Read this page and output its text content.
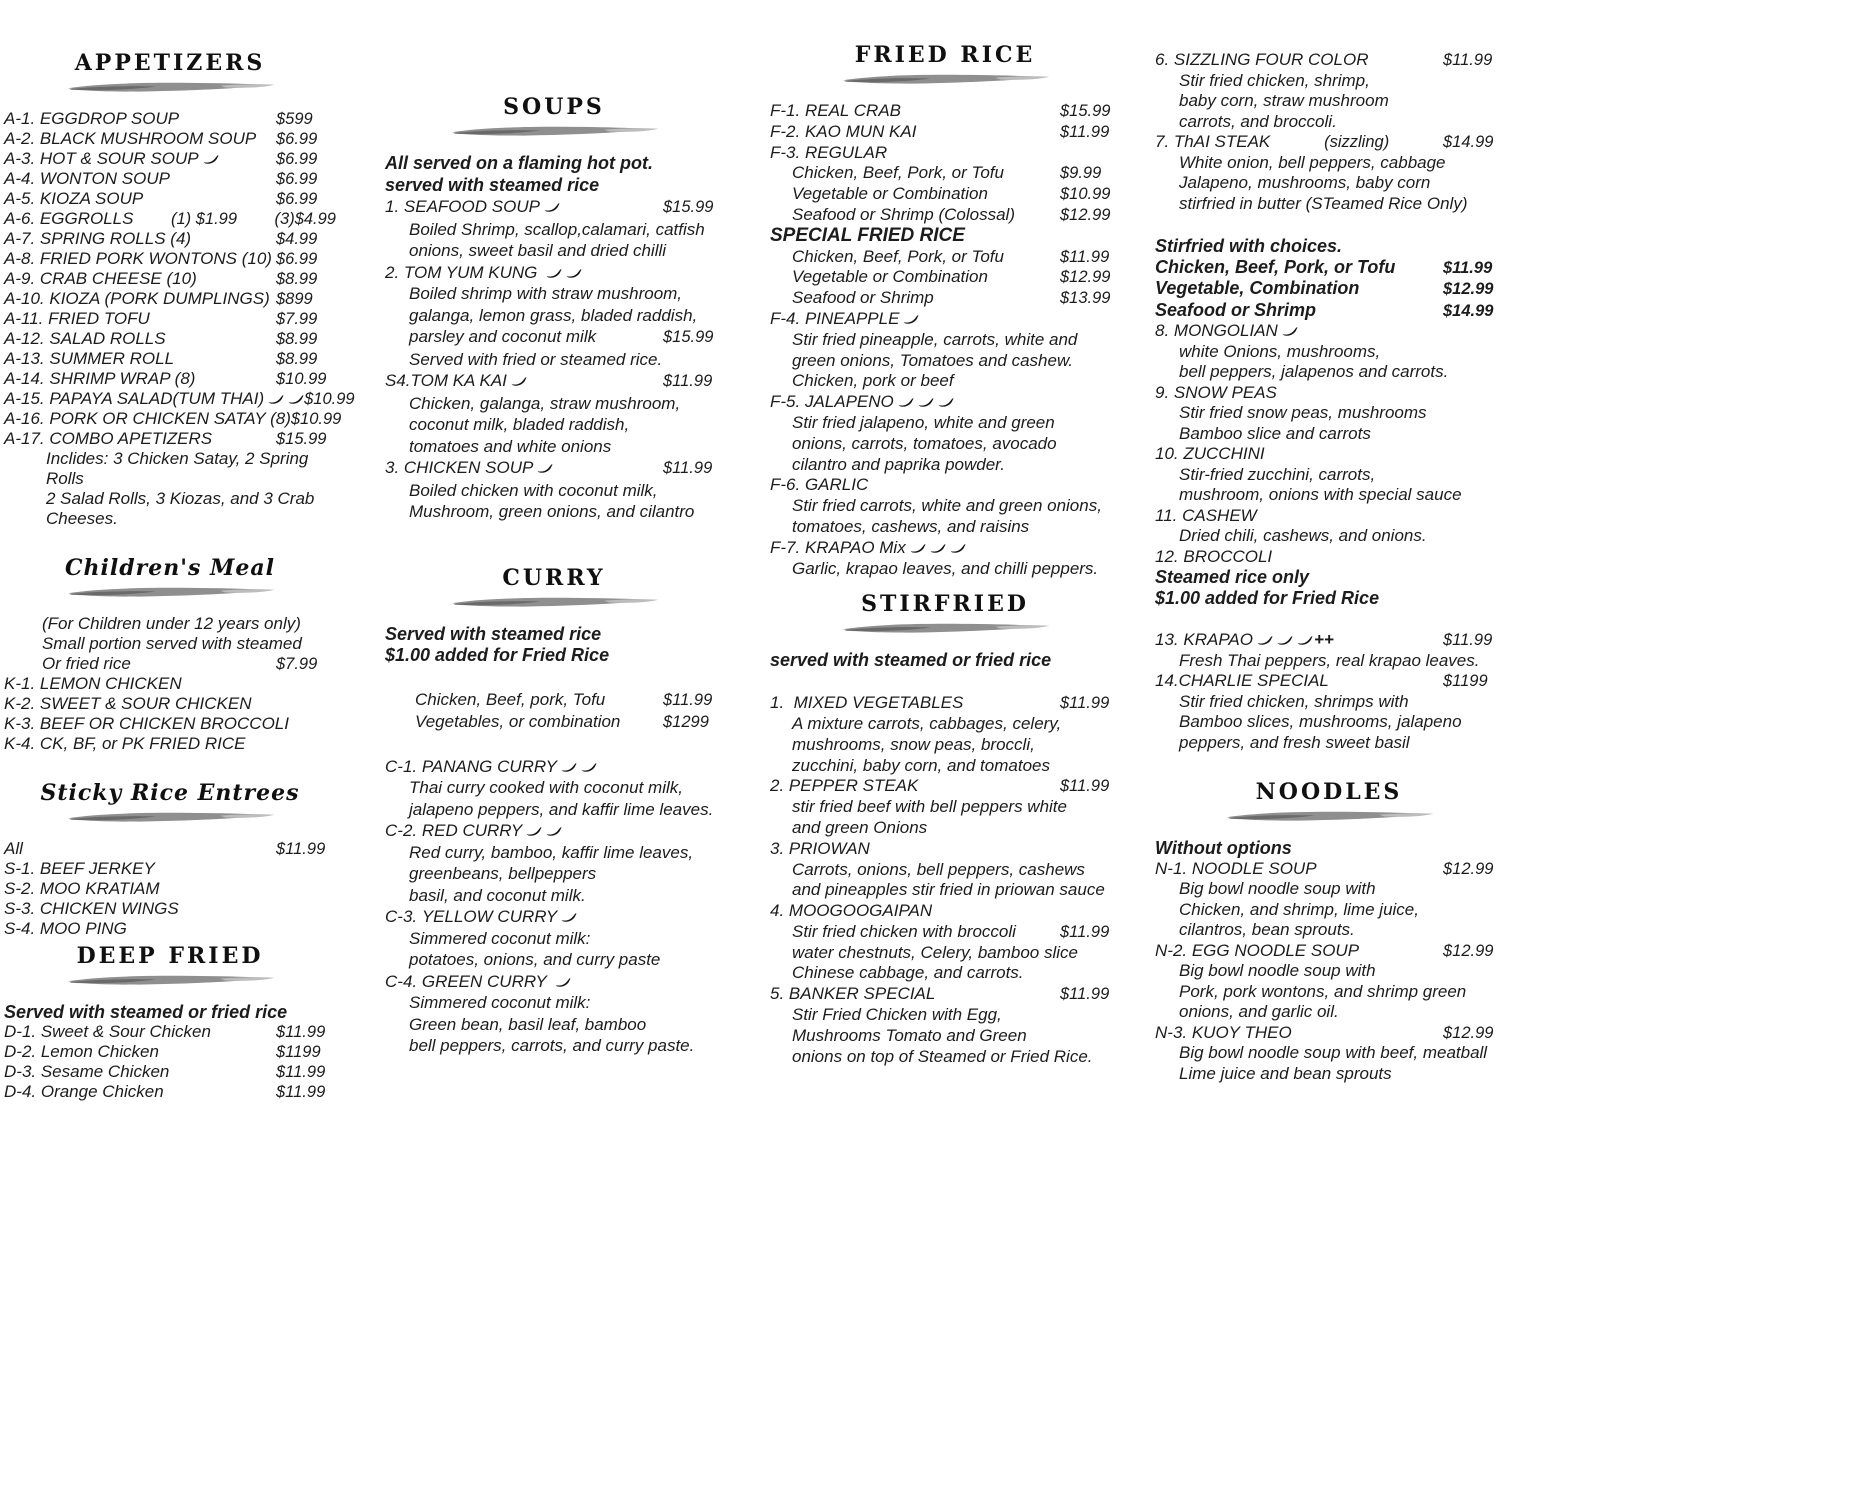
APPETIZERS
A-1. EGGDROP SOUP	$599
A-2. BLACK MUSHROOM SOUP $6.99
A-3. HOT & SOUR SOUP	$6.99
A-4. WONTON SOUP	$6.99
A-5. KIOZA SOUP	$6.99
A-6. EGGROLLS (1) $1.99 (3)$4.99
A-7. SPRING ROLLS (4)	$4.99
A-8. FRIED PORK WONTONS (10) $6.99
A-9. CRAB CHEESE (10)	$8.99
A-10. KIOZA (PORK DUMPLINGS) $899
A-11. FRIED TOFU	$7.99
A-12. SALAD ROLLS	$8.99
A-13. SUMMER ROLL	$8.99
A-14. SHRIMP WRAP (8)	$10.99
A-15. PAPAYA SALAD(TUM THAI) $10.99
A-16. PORK OR CHICKEN SATAY (8) $10.99
A-17. COMBO APETIZERS	$15.99
Inclides: 3 Chicken Satay, 2 Spring Rolls
2 Salad Rolls, 3 Kiozas, and 3 Crab Cheeses.
Children's Meal
(For Children under 12 years only)
Small portion served with steamed
Or fried rice	$7.99
K-1. LEMON CHICKEN
K-2. SWEET & SOUR CHICKEN
K-3. BEEF OR CHICKEN BROCCOLI
K-4. CK, BF, or PK FRIED RICE
Sticky Rice Entrees
All	$11.99
S-1. BEEF JERKEY
S-2. MOO KRATIAM
S-3. CHICKEN WINGS
S-4. MOO PING
DEEP FRIED
Served with steamed or fried rice
D-1. Sweet & Sour Chicken	$11.99
D-2. Lemon Chicken	$1199
D-3. Sesame Chicken	$11.99
D-4. Orange Chicken	$11.99
SOUPS
All served on a flaming hot pot.
served with steamed rice
1. SEAFOOD SOUP	$15.99
Boiled Shrimp, scallop,calamari, catfish
onions, sweet basil and dried chilli
2. TOM YUM KUNG
Boiled shrimp with straw mushroom,
galanga, lemon grass, bladed raddish,
parsley and coconut milk	$15.99
Served with fried or steamed rice.
S4. TOM KA KAI	$11.99
Chicken, galanga, straw mushroom,
coconut milk, bladed raddish,
tomatoes and white onions
3. CHICKEN SOUP	$11.99
Boiled chicken with coconut milk,
Mushroom, green onions, and cilantro
CURRY
Served with steamed rice
$1.00 added for Fried Rice
Chicken, Beef, pork, Tofu	$11.99
Vegetables, or combination	$1299
C-1. PANANG CURRY
Thai curry cooked with coconut milk,
jalapeno peppers, and kaffir lime leaves.
C-2. RED CURRY
Red curry, bamboo, kaffir lime leaves,
greenbeans, bellpeppers
basil, and coconut milk.
C-3. YELLOW CURRY
Simmered coconut milk:
potatoes, onions, and curry paste
C-4. GREEN CURRY
Simmered coconut milk:
Green bean, basil leaf, bamboo
bell peppers, carrots, and curry paste.
FRIED RICE
F-1. REAL CRAB	$15.99
F-2. KAO MUN KAI	$11.99
F-3. REGULAR
Chicken, Beef, Pork, or Tofu	$9.99
Vegetable or Combination	$10.99
Seafood or Shrimp (Colossal)	$12.99
SPECIAL FRIED RICE
Chicken, Beef, Pork, or Tofu	$11.99
Vegetable or Combination	$12.99
Seafood or Shrimp	$13.99
F-4. PINEAPPLE
Stir fried pineapple, carrots, white and
green onions, Tomatoes and cashew.
Chicken, pork or beef
F-5. JALAPENO
Stir fried jalapeno, white and green
onions, carrots, tomatoes, avocado
cilantro and paprika powder.
F-6. GARLIC
Stir fried carrots, white and green onions,
tomatoes, cashews, and raisins
F-7. KRAPAO Mix
Garlic, krapao leaves, and chilli peppers.
STIRFRIED
served with steamed or fried rice
1. MIXED VEGETABLES	$11.99
A mixture carrots, cabbages, celery,
mushrooms, snow peas, broccli,
zucchini, baby corn, and tomatoes
2. PEPPER STEAK	$11.99
stir fried beef with bell peppers white
and green Onions
3. PRIOWAN
Carrots, onions, bell peppers, cashews
and pineapples stir fried in priowan sauce
4. MOOGOOGAIPAN
Stir fried chicken with broccoli	$11.99
water chestnuts, Celery, bamboo slice
Chinese cabbage, and carrots.
5. BANKER SPECIAL	$11.99
Stir Fried Chicken with Egg,
Mushrooms Tomato and Green
onions on top of Steamed or Fried Rice.
6. SIZZLING FOUR COLOR	$11.99
Stir fried chicken, shrimp,
baby corn, straw mushroom
carrots, and broccoli.
7. ThAI STEAK	(sizzling)	$14.99
White onion, bell peppers, cabbage
Jalapeno, mushrooms, baby corn
stirfried in butter (STeamed Rice Only)
Stirfried with choices.
Chicken, Beef, Pork, or Tofu	$11.99
Vegetable, Combination	$12.99
Seafood or Shrimp	$14.99
8. MONGOLIAN
white Onions, mushrooms,
bell peppers, jalapenos and carrots.
9. SNOW PEAS
Stir fried snow peas, mushrooms
Bamboo slice and carrots
10. ZUCCHINI
Stir-fried zucchini, carrots,
mushroom, onions with special sauce
11. CASHEW
Dried chili, cashews, and onions.
12. BROCCOLI
Steamed rice only
$1.00 added for Fried Rice
13. KRAPAO	++	$11.99
Fresh Thai peppers, real krapao leaves.
14. CHARLIE SPECIAL	$1199
Stir fried chicken, shrimps with
Bamboo slices, mushrooms, jalapeno
peppers, and fresh sweet basil
NOODLES
Without options
N-1. NOODLE SOUP	$12.99
Big bowl noodle soup with
Chicken, and shrimp, lime juice,
cilantros, bean sprouts.
N-2. EGG NOODLE SOUP	$12.99
Big bowl noodle soup with
Pork, pork wontons, and shrimp green
onions, and garlic oil.
N-3. KUOY THEO	$12.99
Big bowl noodle soup with beef, meatball
Lime juice and bean sprouts
